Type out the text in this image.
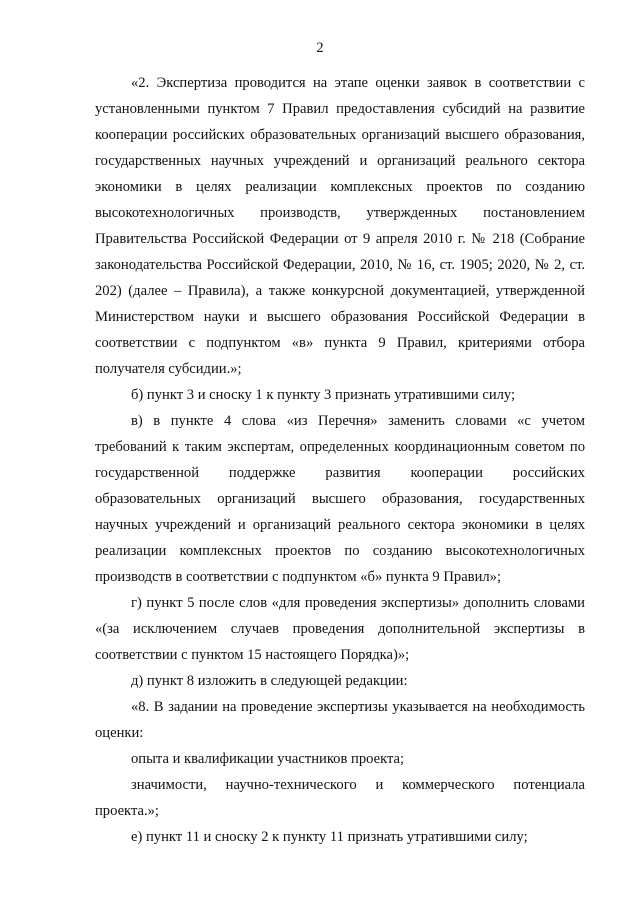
2

«2. Экспертиза проводится на этапе оценки заявок в соответствии с установленными пунктом 7 Правил предоставления субсидий на развитие кооперации российских образовательных организаций высшего образования, государственных научных учреждений и организаций реального сектора экономики в целях реализации комплексных проектов по созданию высокотехнологичных производств, утвержденных постановлением Правительства Российской Федерации от 9 апреля 2010 г. № 218 (Собрание законодательства Российской Федерации, 2010, № 16, ст. 1905; 2020, № 2, ст. 202) (далее – Правила), а также конкурсной документацией, утвержденной Министерством науки и высшего образования Российской Федерации в соответствии с подпунктом «в» пункта 9 Правил, критериями отбора получателя субсидии.»;

б) пункт 3 и сноску 1 к пункту 3 признать утратившими силу;

в) в пункте 4 слова «из Перечня» заменить словами «с учетом требований к таким экспертам, определенных координационным советом по государственной поддержке развития кооперации российских образовательных организаций высшего образования, государственных научных учреждений и организаций реального сектора экономики в целях реализации комплексных проектов по созданию высокотехнологичных производств в соответствии с подпунктом «б» пункта 9 Правил»;

г) пункт 5 после слов «для проведения экспертизы» дополнить словами «(за исключением случаев проведения дополнительной экспертизы в соответствии с пунктом 15 настоящего Порядка)»;

д) пункт 8 изложить в следующей редакции:

«8. В задании на проведение экспертизы указывается на необходимость оценки:

опыта и квалификации участников проекта;

значимости, научно-технического и коммерческого потенциала проекта.»;

е) пункт 11 и сноску 2 к пункту 11 признать утратившими силу;
